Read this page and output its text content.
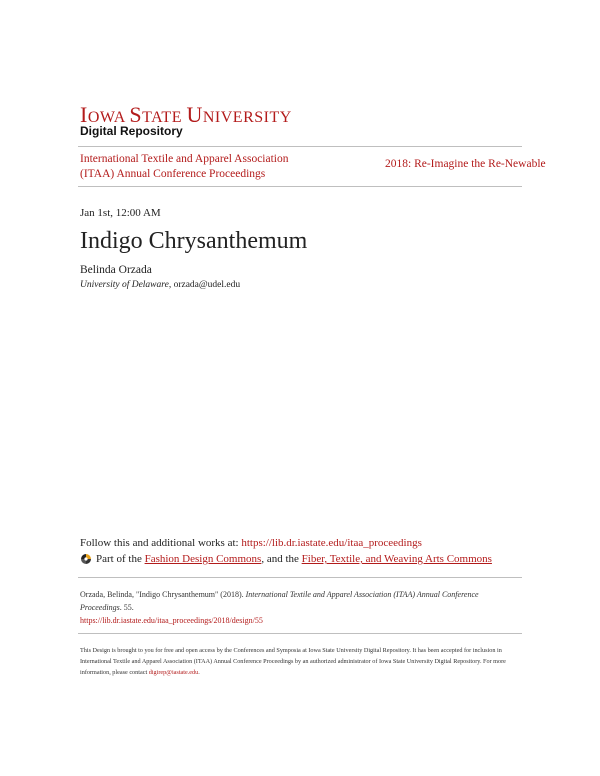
IOWA STATE UNIVERSITY
Digital Repository
International Textile and Apparel Association (ITAA) Annual Conference Proceedings
2018: Re-Imagine the Re-Newable
Jan 1st, 12:00 AM
Indigo Chrysanthemum
Belinda Orzada
University of Delaware, orzada@udel.edu
Follow this and additional works at: https://lib.dr.iastate.edu/itaa_proceedings
Part of the
Fashion Design Commons , and the
Fiber, Textile, and Weaving Arts Commons
Orzada, Belinda, "Indigo Chrysanthemum" (2018). International Textile and Apparel Association (ITAA) Annual Conference Proceedings. 55.
https://lib.dr.iastate.edu/itaa_proceedings/2018/design/55
This Design is brought to you for free and open access by the Conferences and Symposia at Iowa State University Digital Repository. It has been accepted for inclusion in International Textile and Apparel Association (ITAA) Annual Conference Proceedings by an authorized administrator of Iowa State University Digital Repository. For more information, please contact digirep@iastate.edu.
